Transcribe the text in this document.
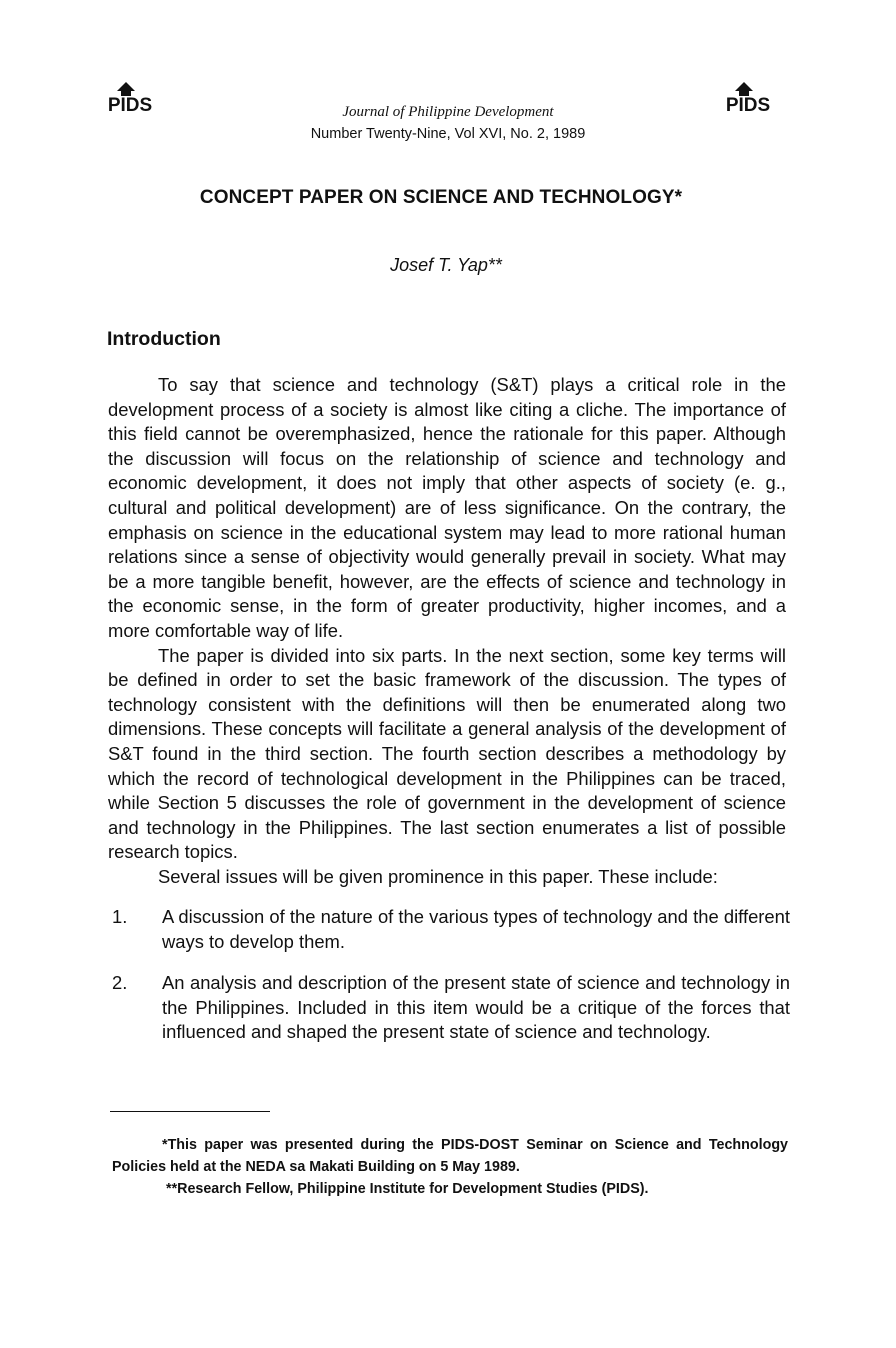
PIDS	PIDS
Journal of Philippine Development
Number Twenty-Nine, Vol XVI, No. 2, 1989
CONCEPT PAPER ON SCIENCE AND TECHNOLOGY*
Josef T. Yap**
Introduction

To say that science and technology (S&T) plays a critical role in the development process of a society is almost like citing a cliche. The importance of this field cannot be overemphasized, hence the rationale for this paper. Although the discussion will focus on the relationship of science and technology and economic development, it does not imply that other aspects of society (e. g., cultural and political development) are of less significance. On the contrary, the emphasis on science in the educational system may lead to more rational human relations since a sense of objectivity would generally prevail in society. What may be a more tangible benefit, however, are the effects of science and technology in the economic sense, in the form of greater productivity, higher incomes, and a more comfortable way of life.

The paper is divided into six parts. In the next section, some key terms will be defined in order to set the basic framework of the discussion. The types of technology consistent with the definitions will then be enumerated along two dimensions. These concepts will facilitate a general analysis of the development of S&T found in the third section. The fourth section describes a methodology by which the record of technological development in the Philippines can be traced, while Section 5 discusses the role of government in the development of science and technology in the Philippines. The last section enumerates a list of possible research topics.

Several issues will be given prominence in this paper. These include:

1. A discussion of the nature of the various types of technology and the different ways to develop them.
2. An analysis and description of the present state of science and technology in the Philippines. Included in this item would be a critique of the forces that influenced and shaped the present state of science and technology.

*This paper was presented during the PIDS-DOST Seminar on Science and Technology Policies held at the NEDA sa Makati Building on 5 May 1989.

**Research Fellow, Philippine Institute for Development Studies (PIDS).
